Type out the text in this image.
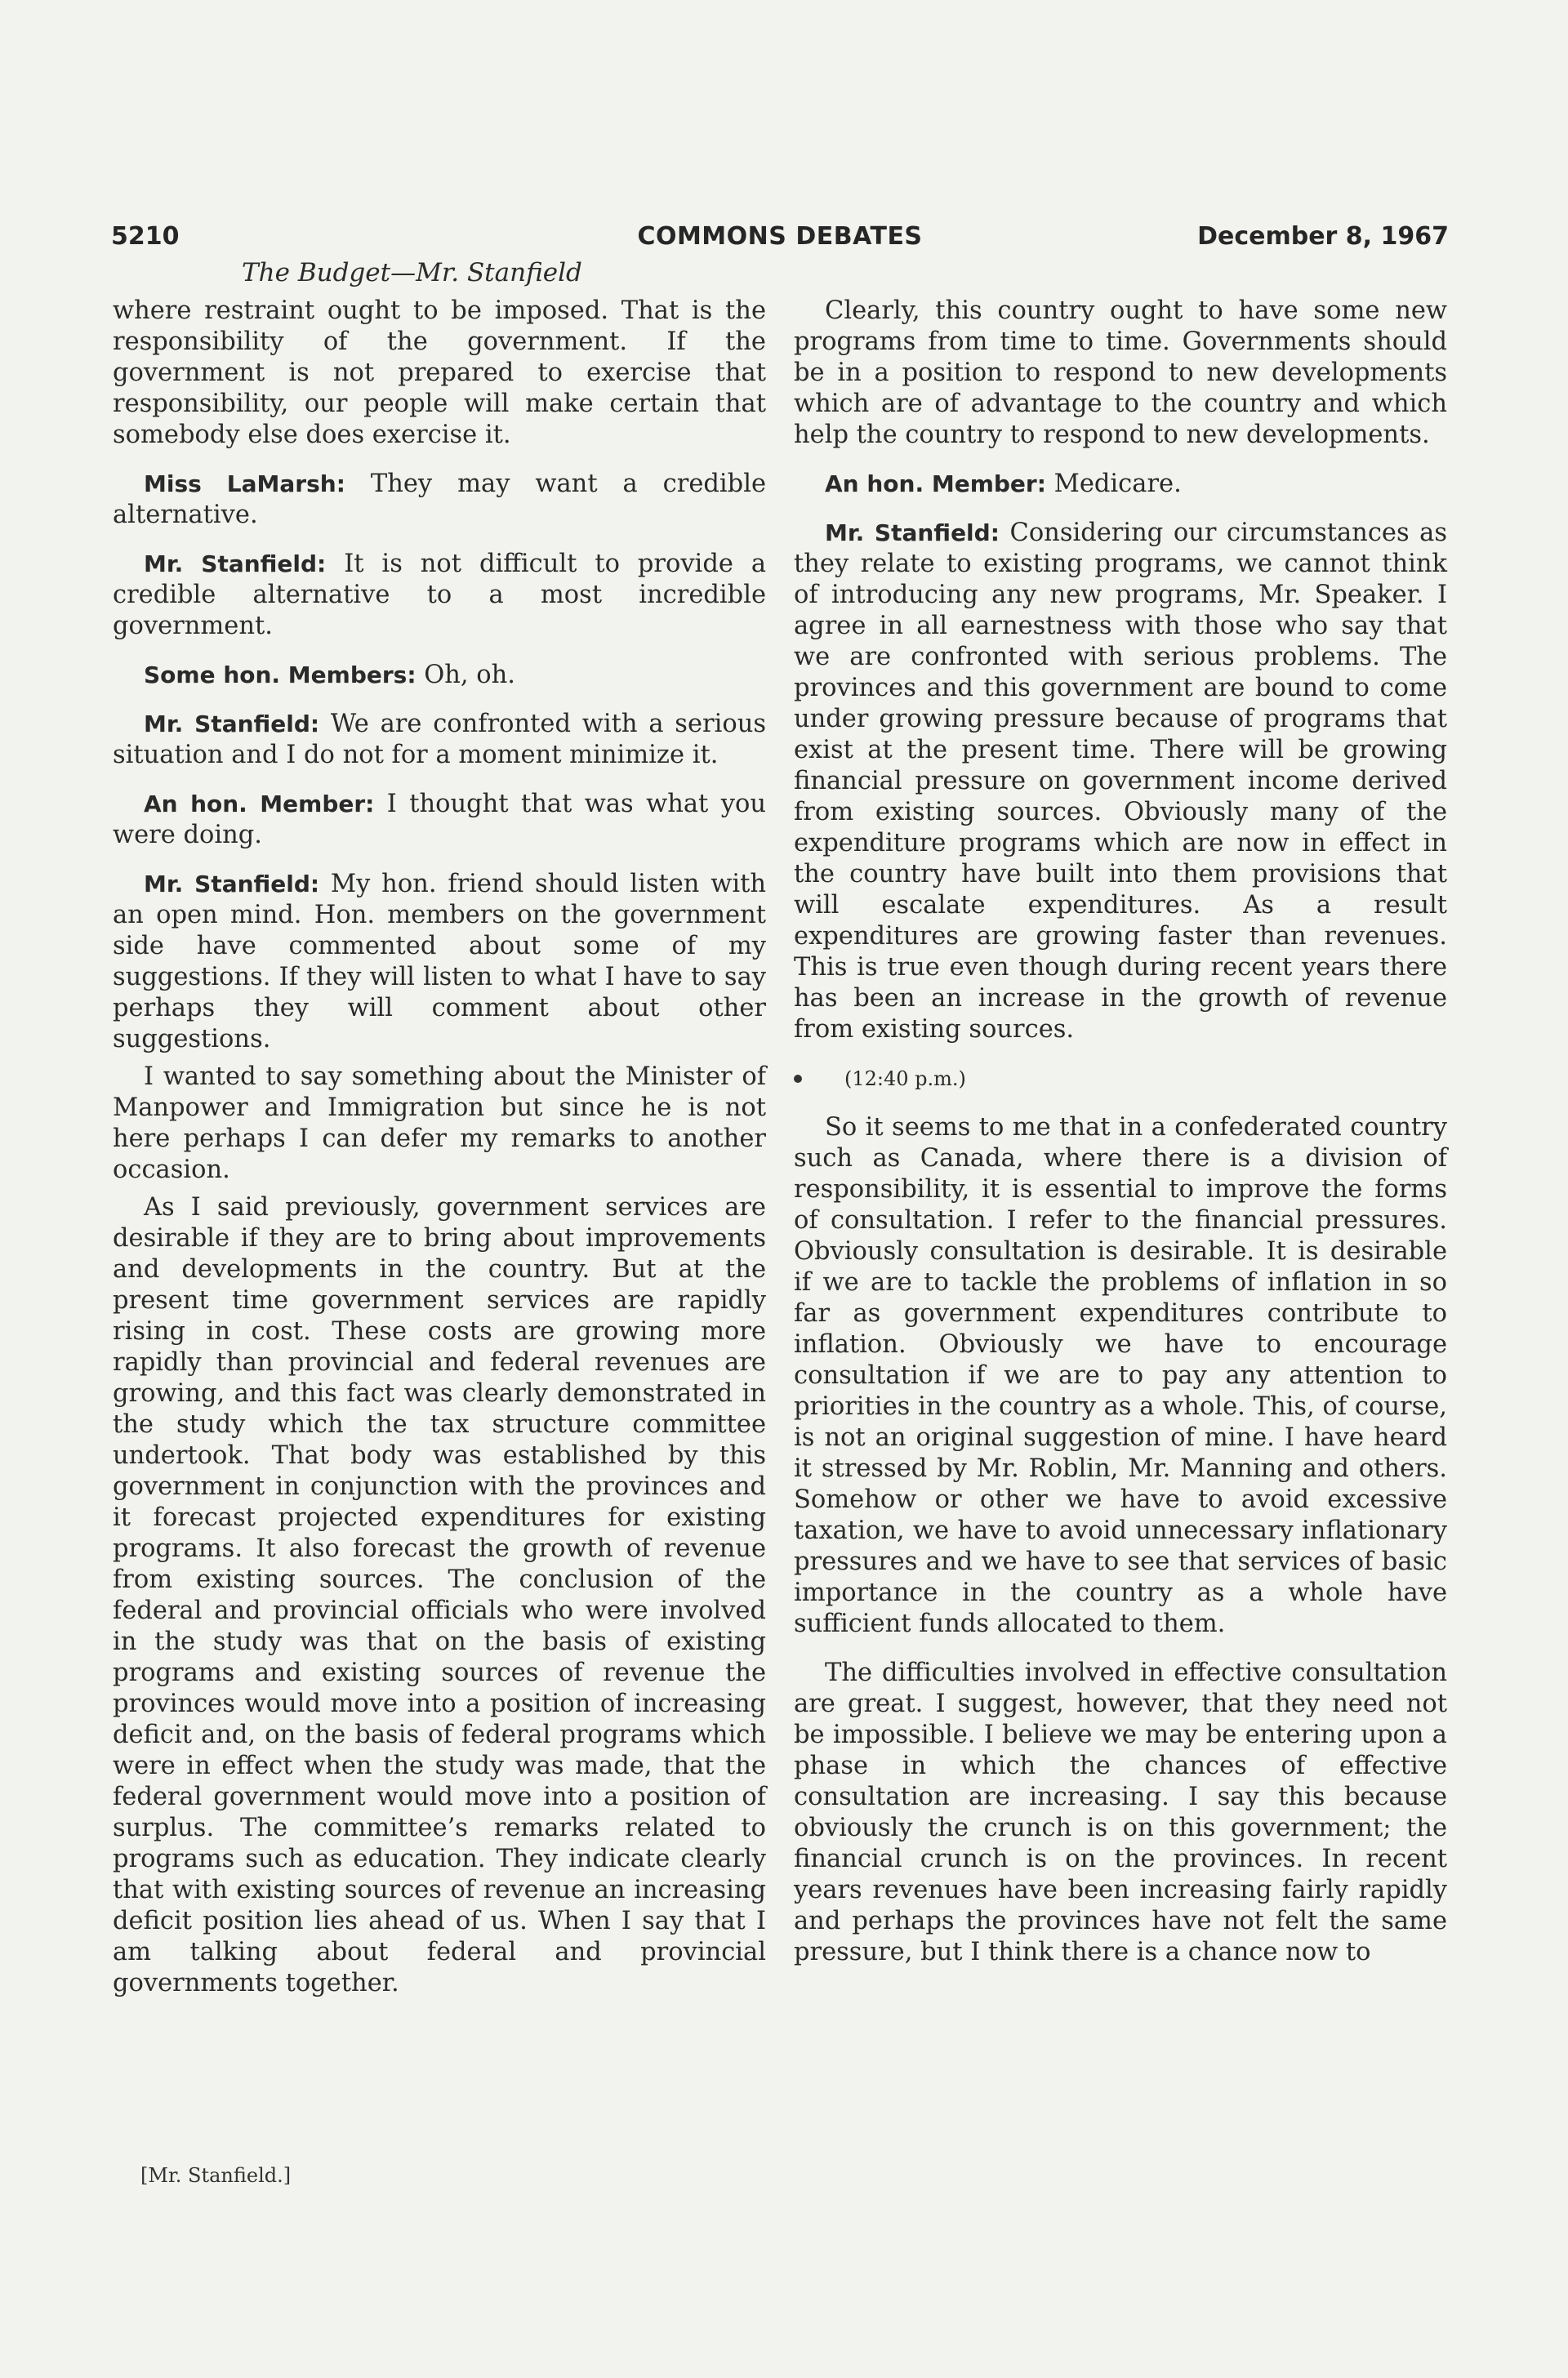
5210	COMMONS DEBATES	December 8, 1967
The Budget—Mr. Stanfield

where restraint ought to be imposed. That is the responsibility of the government. If the government is not prepared to exercise that responsibility, our people will make certain that somebody else does exercise it.

Miss LaMarsh: They may want a credible alternative.

Mr. Stanfield: It is not difficult to provide a credible alternative to a most incredible government.

Some hon. Members: Oh, oh.

Mr. Stanfield: We are confronted with a serious situation and I do not for a moment minimize it.

An hon. Member: I thought that was what you were doing.

Mr. Stanfield: My hon. friend should listen with an open mind. Hon. members on the government side have commented about some of my suggestions. If they will listen to what I have to say perhaps they will comment about other suggestions.

I wanted to say something about the Minister of Manpower and Immigration but since he is not here perhaps I can defer my remarks to another occasion.

As I said previously, government services are desirable if they are to bring about improvements and developments in the country. But at the present time government services are rapidly rising in cost. These costs are growing more rapidly than provincial and federal revenues are growing, and this fact was clearly demonstrated in the study which the tax structure committee undertook. That body was established by this government in conjunction with the provinces and it forecast projected expenditures for existing programs. It also forecast the growth of revenue from existing sources. The conclusion of the federal and provincial officials who were involved in the study was that on the basis of existing programs and existing sources of revenue the provinces would move into a position of increasing deficit and, on the basis of federal programs which were in effect when the study was made, that the federal government would move into a position of surplus. The committee’s remarks related to programs such as education. They indicate clearly that with existing sources of revenue an increasing deficit position lies ahead of us. When I say that I am talking about federal and provincial governments together.

[Mr. Stanfield.]

Clearly, this country ought to have some new programs from time to time. Governments should be in a position to respond to new developments which are of advantage to the country and which help the country to respond to new developments.

An hon. Member: Medicare.

Mr. Stanfield: Considering our circumstances as they relate to existing programs, we cannot think of introducing any new programs, Mr. Speaker. I agree in all earnestness with those who say that we are confronted with serious problems. The provinces and this government are bound to come under growing pressure because of programs that exist at the present time. There will be growing financial pressure on government income derived from existing sources. Obviously many of the expenditure programs which are now in effect in the country have built into them provisions that will escalate expenditures. As a result expenditures are growing faster than revenues. This is true even though during recent years there has been an increase in the growth of revenue from existing sources.

(12:40 p.m.)

So it seems to me that in a confederated country such as Canada, where there is a division of responsibility, it is essential to improve the forms of consultation. I refer to the financial pressures. Obviously consultation is desirable. It is desirable if we are to tackle the problems of inflation in so far as government expenditures contribute to inflation. Obviously we have to encourage consultation if we are to pay any attention to priorities in the country as a whole. This, of course, is not an original suggestion of mine. I have heard it stressed by Mr. Roblin, Mr. Manning and others. Somehow or other we have to avoid excessive taxation, we have to avoid unnecessary inflationary pressures and we have to see that services of basic importance in the country as a whole have sufficient funds allocated to them.

The difficulties involved in effective consultation are great. I suggest, however, that they need not be impossible. I believe we may be entering upon a phase in which the chances of effective consultation are increasing. I say this because obviously the crunch is on this government; the financial crunch is on the provinces. In recent years revenues have been increasing fairly rapidly and perhaps the provinces have not felt the same pressure, but I think there is a chance now to
